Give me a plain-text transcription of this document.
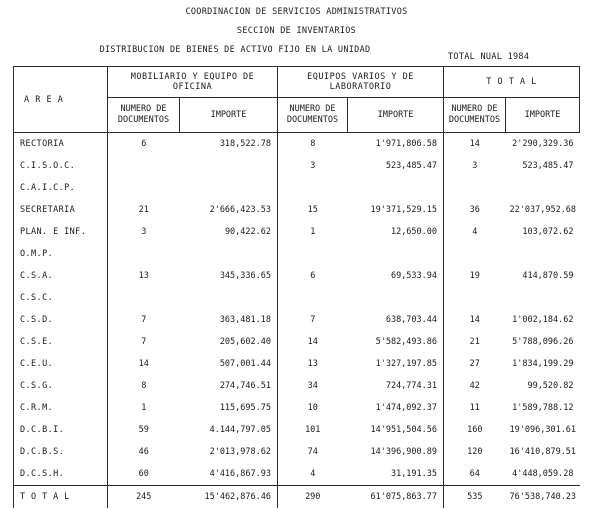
COORDINACION DE SERVICIOS ADMINISTRATIVOS
SECCION DE INVENTARIOS
DISTRIBUCION DE BIENES DE ACTIVO FIJO EN LA UNIDAD
TOTAL NUAL 1984
A R E A	MOBILIARIO Y EQUIPO DE OFICINA		EQUIPOS VARIOS Y DE LABORATORIO		T O T A L	
	NUMERO DE DOCUMENTOS	IMPORTE	NUMERO DE DOCUMENTOS	IMPORTE	NUMERO DE DOCUMENTOS	IMPORTE
RECTORIA	6	318,522.78	8	1'971,806.58	14	2'290,329.36
C.I.S.O.C.			3	523,485.47	3	523,485.47
C.A.I.C.P.						
SECRETARIA	21	2'666,423.53	15	19'371,529.15	36	22'037,952.68
PLAN. E INF.	3	90,422.62	1	12,650.00	4	103,072.62
O.M.P.						
C.S.A.	13	345,336.65	6	69,533.94	19	414,870.59
C.S.C.						
C.S.D.	7	363,481.18	7	638,703.44	14	1'002,184.62
C.S.E.	7	205,602.40	14	5'582,493.86	21	5'788,096.26
C.E.U.	14	507,001.44	13	1'327,197.85	27	1'834,199.29
C.S.G.	8	274,746.51	34	724,774.31	42	99,520.82
C.R.M.	1	115,695.75	10	1'474,092.37	11	1'589,788.12
D.C.B.I.	59	4.144,797.05	101	14'951,504.56	160	19'096,301.61
D.C.B.S.	46	2'013,978.62	74	14'396,900.89	120	16'410,879.51
D.C.S.H.	60	4'416,867.93	4	31,191.35	64	4'448,059.28
T O T A L	245	15'462,876.46	290	61'075,863.77	535	76'538,740.23
